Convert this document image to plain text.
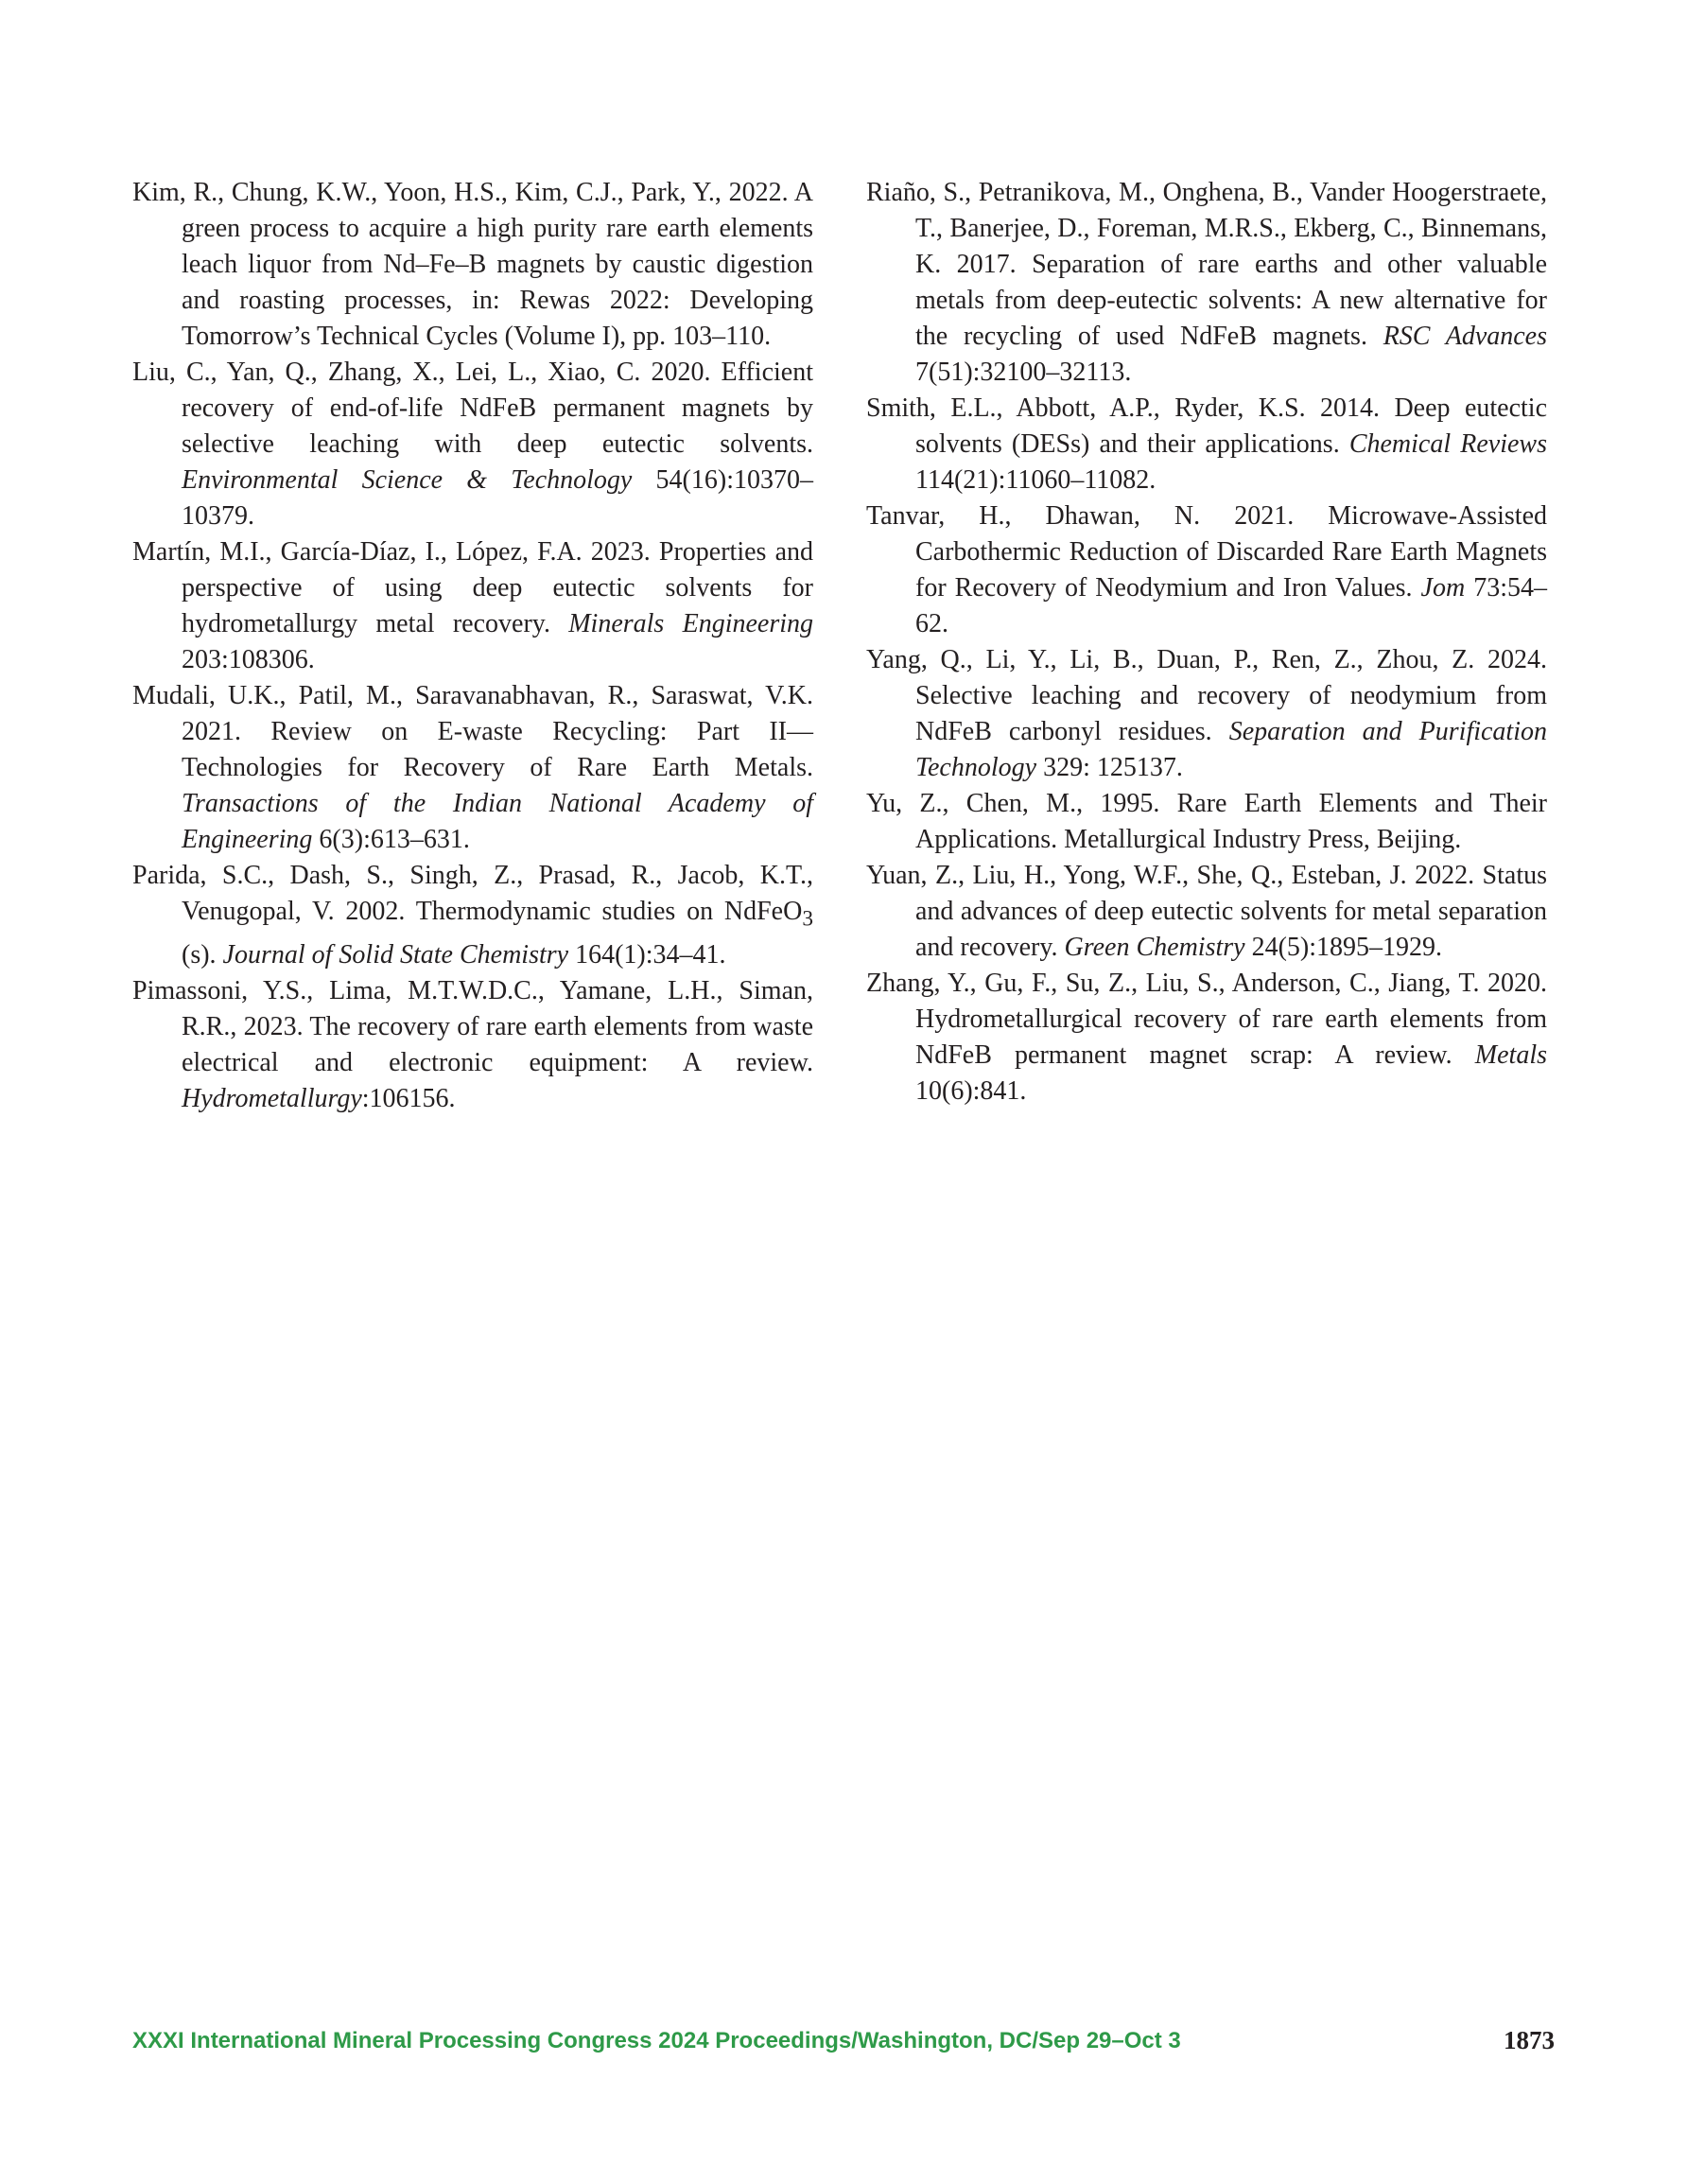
Kim, R., Chung, K.W., Yoon, H.S., Kim, C.J., Park, Y., 2022. A green process to acquire a high purity rare earth elements leach liquor from Nd–Fe–B magnets by caustic digestion and roasting processes, in: Rewas 2022: Developing Tomorrow’s Technical Cycles (Volume I), pp. 103–110.

Liu, C., Yan, Q., Zhang, X., Lei, L., Xiao, C. 2020. Efficient recovery of end-of-life NdFeB permanent magnets by selective leaching with deep eutectic solvents. Environmental Science & Technology 54(16):10370–10379.

Martín, M.I., García-Díaz, I., López, F.A. 2023. Properties and perspective of using deep eutectic solvents for hydrometallurgy metal recovery. Minerals Engineering 203:108306.

Mudali, U.K., Patil, M., Saravanabhavan, R., Saraswat, V.K. 2021. Review on E-waste Recycling: Part II—Technologies for Recovery of Rare Earth Metals. Transactions of the Indian National Academy of Engineering 6(3):613–631.

Parida, S.C., Dash, S., Singh, Z., Prasad, R., Jacob, K.T., Venugopal, V. 2002. Thermodynamic studies on NdFeO$_3$ (s). Journal of Solid State Chemistry 164(1):34–41.

Pimassoni, Y.S., Lima, M.T.W.D.C., Yamane, L.H., Siman, R.R., 2023. The recovery of rare earth elements from waste electrical and electronic equipment: A review. Hydrometallurgy:106156.

Riaño, S., Petranikova, M., Onghena, B., Vander Hoogerstraete, T., Banerjee, D., Foreman, M.R.S., Ekberg, C., Binnemans, K. 2017. Separation of rare earths and other valuable metals from deep-eutectic solvents: A new alternative for the recycling of used NdFeB magnets. RSC Advances 7(51):32100–32113.

Smith, E.L., Abbott, A.P., Ryder, K.S. 2014. Deep eutectic solvents (DESs) and their applications. Chemical Reviews 114(21):11060–11082.

Tanvar, H., Dhawan, N. 2021. Microwave-Assisted Carbothermic Reduction of Discarded Rare Earth Magnets for Recovery of Neodymium and Iron Values. Jom 73:54–62.

Yang, Q., Li, Y., Li, B., Duan, P., Ren, Z., Zhou, Z. 2024. Selective leaching and recovery of neodymium from NdFeB carbonyl residues. Separation and Purification Technology 329: 125137.

Yu, Z., Chen, M., 1995. Rare Earth Elements and Their Applications. Metallurgical Industry Press, Beijing.

Yuan, Z., Liu, H., Yong, W.F., She, Q., Esteban, J. 2022. Status and advances of deep eutectic solvents for metal separation and recovery. Green Chemistry 24(5):1895–1929.

Zhang, Y., Gu, F., Su, Z., Liu, S., Anderson, C., Jiang, T. 2020. Hydrometallurgical recovery of rare earth elements from NdFeB permanent magnet scrap: A review. Metals 10(6):841.

XXXI International Mineral Processing Congress 2024 Proceedings/Washington, DC/Sep 29–Oct 3	1873
